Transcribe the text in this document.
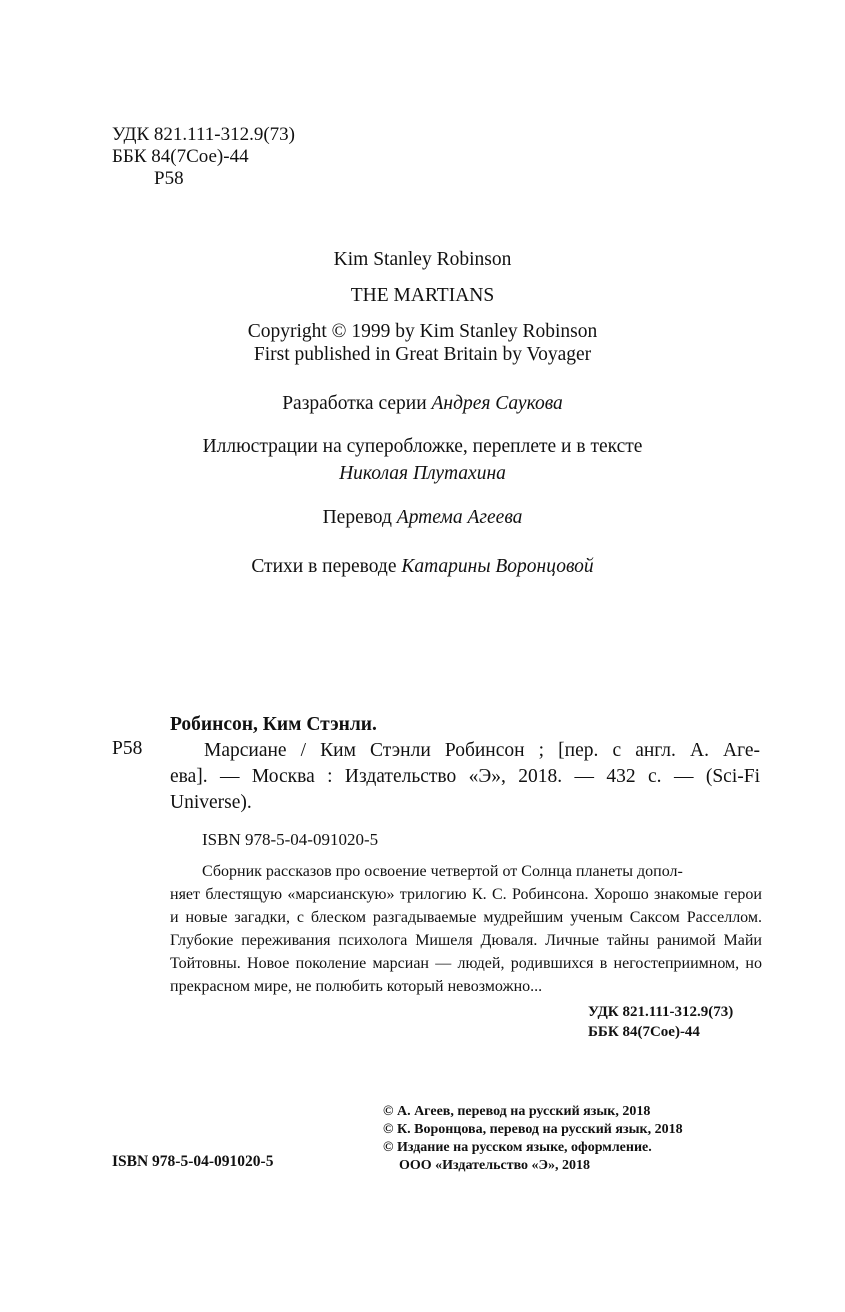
УДК 821.111-312.9(73)
ББК 84(7Сое)-44
Р58
Kim Stanley Robinson
THE MARTIANS
Copyright © 1999 by Kim Stanley Robinson
First published in Great Britain by Voyager
Разработка серии Андрея Саукова
Иллюстрации на суперобложке, переплете и в тексте
Николая Плутахина
Перевод Артема Агеева
Стихи в переводе Катарины Воронцовой
Робинсон, Ким Стэнли.
Р58	Марсиане / Ким Стэнли Робинсон ; [пер. с англ. А. Аге-
ева]. — Москва : Издательство «Э», 2018. — 432 с. — (Sci-Fi Universe).
ISBN 978-5-04-091020-5
Сборник рассказов про освоение четвертой от Солнца планеты допол-
няет блестящую «марсианскую» трилогию К. С. Робинсона. Хорошо знакомые герои и новые загадки, с блеском разгадываемые мудрейшим ученым Саксом Расселлом. Глубокие переживания психолога Мишеля Дюваля. Личные тайны ранимой Майи Тойтовны. Новое поколение марсиан — людей, родившихся в негостеприимном, но прекрасном мире, не полюбить который невозможно...
УДК 821.111-312.9(73)
ББК 84(7Сое)-44
© А. Агеев, перевод на русский язык, 2018
© К. Воронцова, перевод на русский язык, 2018
© Издание на русском языке, оформление.
ООО «Издательство «Э», 2018
ISBN 978-5-04-091020-5
